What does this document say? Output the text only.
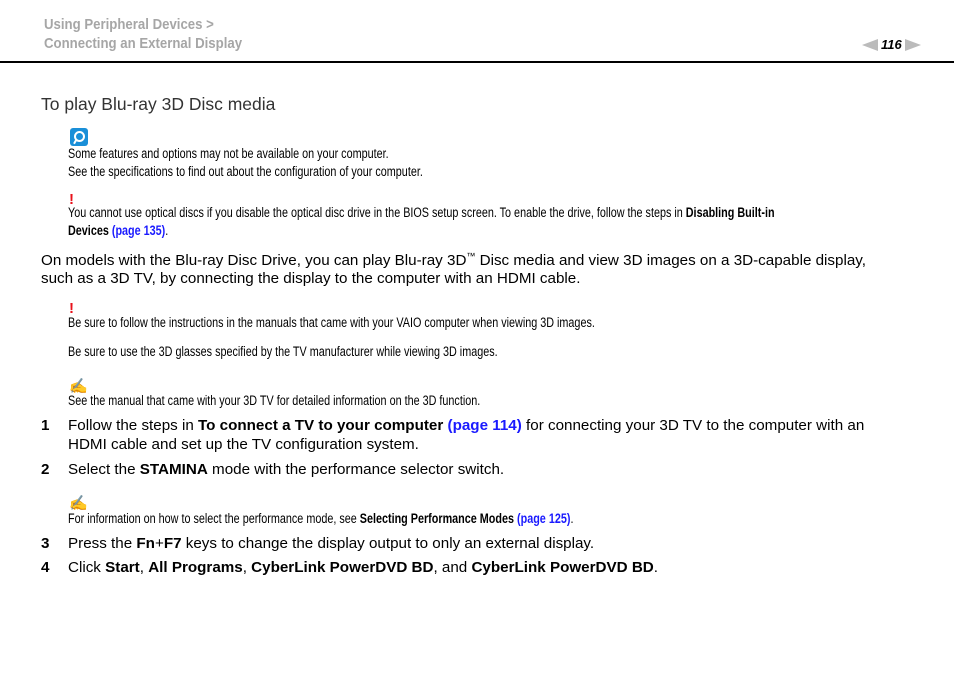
Using Peripheral Devices >
Connecting an External Display	116
To play Blu-ray 3D Disc media
Some features and options may not be available on your computer.
See the specifications to find out about the configuration of your computer.
!
You cannot use optical discs if you disable the optical disc drive in the BIOS setup screen. To enable the drive, follow the steps in Disabling Built-in
Devices (page 135).
On models with the Blu-ray Disc Drive, you can play Blu-ray 3D™ Disc media and view 3D images on a 3D-capable display,
such as a 3D TV, by connecting the display to the computer with an HDMI cable.
!
Be sure to follow the instructions in the manuals that came with your VAIO computer when viewing 3D images.
Be sure to use the 3D glasses specified by the TV manufacturer while viewing 3D images.
✍
See the manual that came with your 3D TV for detailed information on the 3D function.
1 Follow the steps in To connect a TV to your computer (page 114) for connecting your 3D TV to the computer with an
HDMI cable and set up the TV configuration system.
2 Select the STAMINA mode with the performance selector switch.
✍
For information on how to select the performance mode, see Selecting Performance Modes (page 125).
3 Press the Fn+F7 keys to change the display output to only an external display.
4 Click Start, All Programs, CyberLink PowerDVD BD, and CyberLink PowerDVD BD.
